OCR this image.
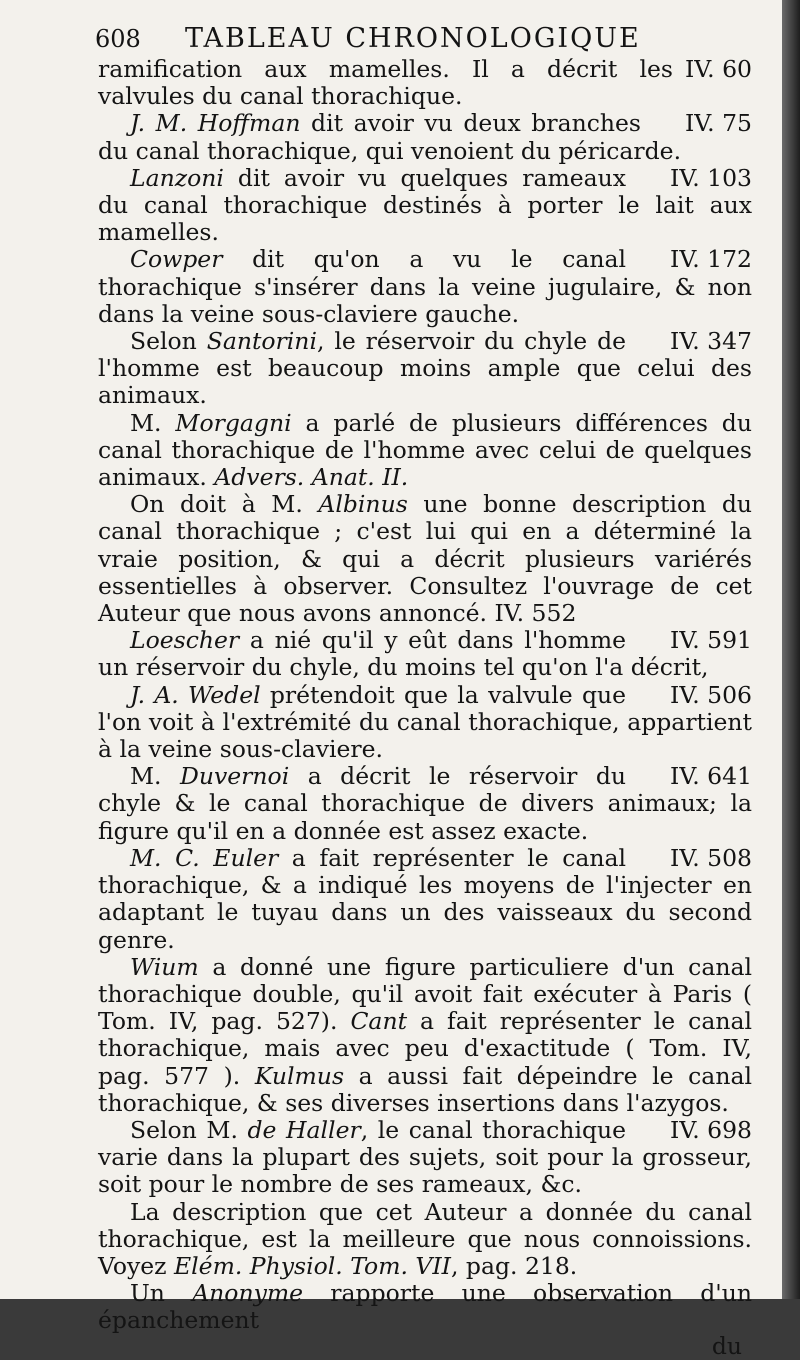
608 TABLEAU CHRONOLOGIQUE

IV. 60
ramification aux mamelles. Il a décrit les valvules du canal thorachique.

IV. 75
J. M. Hoffman dit avoir vu deux branches du canal thorachique, qui venoient du péricarde.

IV. 103
Lanzoni dit avoir vu quelques rameaux du canal thorachique destinés à porter le lait aux mamelles.

IV. 172
Cowper dit qu'on a vu le canal thorachique s'insérer dans la veine jugulaire, & non dans la veine sous-claviere gauche.

IV. 347
Selon Santorini, le réservoir du chyle de l'homme est beaucoup moins ample que celui des animaux.

M. Morgagni a parlé de plusieurs différences du canal thorachique de l'homme avec celui de quelques animaux. Advers. Anat. II.

On doit à M. Albinus une bonne description du canal thorachique ; c'est lui qui en a déterminé la vraie position, & qui a décrit plusieurs variérés essentielles à observer. Consultez l'ouvrage de cet Auteur que nous avons annoncé. IV. 552

IV. 591
Loescher a nié qu'il y eût dans l'homme un réservoir du chyle, du moins tel qu'on l'a décrit,

IV. 506
J. A. Wedel prétendoit que la valvule que l'on voit à l'extrémité du canal thorachique, appartient à la veine sous-claviere.

IV. 641
M. Duvernoi a décrit le réservoir du chyle & le canal thorachique de divers animaux; la figure qu'il en a donnée est assez exacte.

IV. 508
M. C. Euler a fait représenter le canal thorachique, & a indiqué les moyens de l'injecter en adaptant le tuyau dans un des vaisseaux du second genre.

Wium a donné une figure particuliere d'un canal thorachique double, qu'il avoit fait exécuter à Paris ( Tom. IV, pag. 527). Cant a fait représenter le canal thorachique, mais avec peu d'exactitude ( Tom. IV, pag. 577 ). Kulmus a aussi fait dépeindre le canal thorachique, & ses diverses insertions dans l'azygos.

IV. 698
Selon M. de Haller, le canal thorachique varie dans la plupart des sujets, soit pour la grosseur, soit pour le nombre de ses rameaux, &c.

La description que cet Auteur a donnée du canal thorachique, est la meilleure que nous connoissions. Voyez Elém. Physiol. Tom. VII, pag. 218.

Un Anonyme rapporte une observation d'un épanchement

du
